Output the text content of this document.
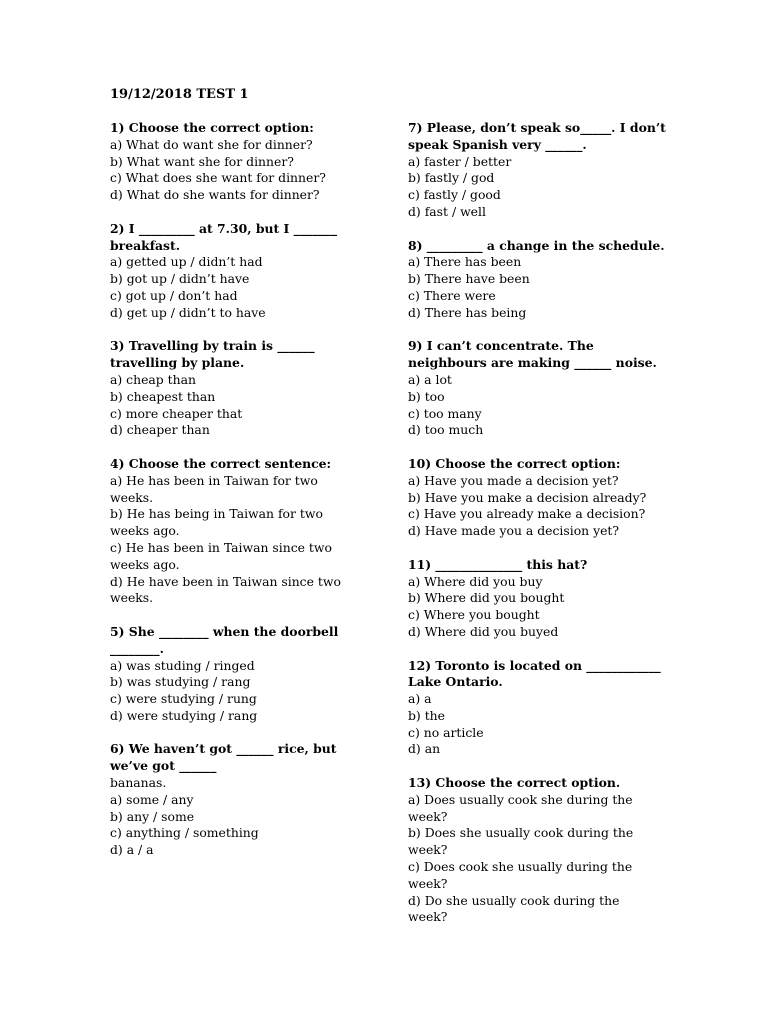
19/12/2018 TEST 1
1) Choose the correct option:
a) What do want she for dinner?
b) What want she for dinner?
c) What does she want for dinner?
d) What do she wants for dinner?
2) I _________ at 7.30, but I _______
breakfast.
a) getted up / didn’t had
b) got up / didn’t have
c) got up / don’t had
d) get up / didn’t to have
3) Travelling by train is ______
travelling by plane.
a) cheap than
b) cheapest than
c) more cheaper that
d) cheaper than
4) Choose the correct sentence:
a) He has been in Taiwan for two
weeks.
b) He has being in Taiwan for two
weeks ago.
c) He has been in Taiwan since two
weeks ago.
d) He have been in Taiwan since two
weeks.
5) She ________ when the doorbell
________.
a) was studing / ringed
b) was studying / rang
c) were studying / rung
d) were studying / rang
6) We haven’t got ______ rice, but
we’ve got ______
bananas.
a) some / any
b) any / some
c) anything / something
d) a / a
7) Please, don’t speak so_____. I don’t
speak Spanish very ______.
a) faster / better
b) fastly / god
c) fastly / good
d) fast / well
8) _________ a change in the schedule.
a) There has been
b) There have been
c) There were
d) There has being
9) I can’t concentrate. The
neighbours are making ______ noise.
a) a lot
b) too
c) too many
d) too much
10) Choose the correct option:
a) Have you made a decision yet?
b) Have you make a decision already?
c) Have you already make a decision?
d) Have made you a decision yet?
11) ______________ this hat?
a) Where did you buy
b) Where did you bought
c) Where you bought
d) Where did you buyed
12) Toronto is located on ____________
Lake Ontario.
a) a
b) the
c) no article
d) an
13) Choose the correct option.
a) Does usually cook she during the
week?
b) Does she usually cook during the
week?
c) Does cook she usually during the
week?
d) Do she usually cook during the
week?
